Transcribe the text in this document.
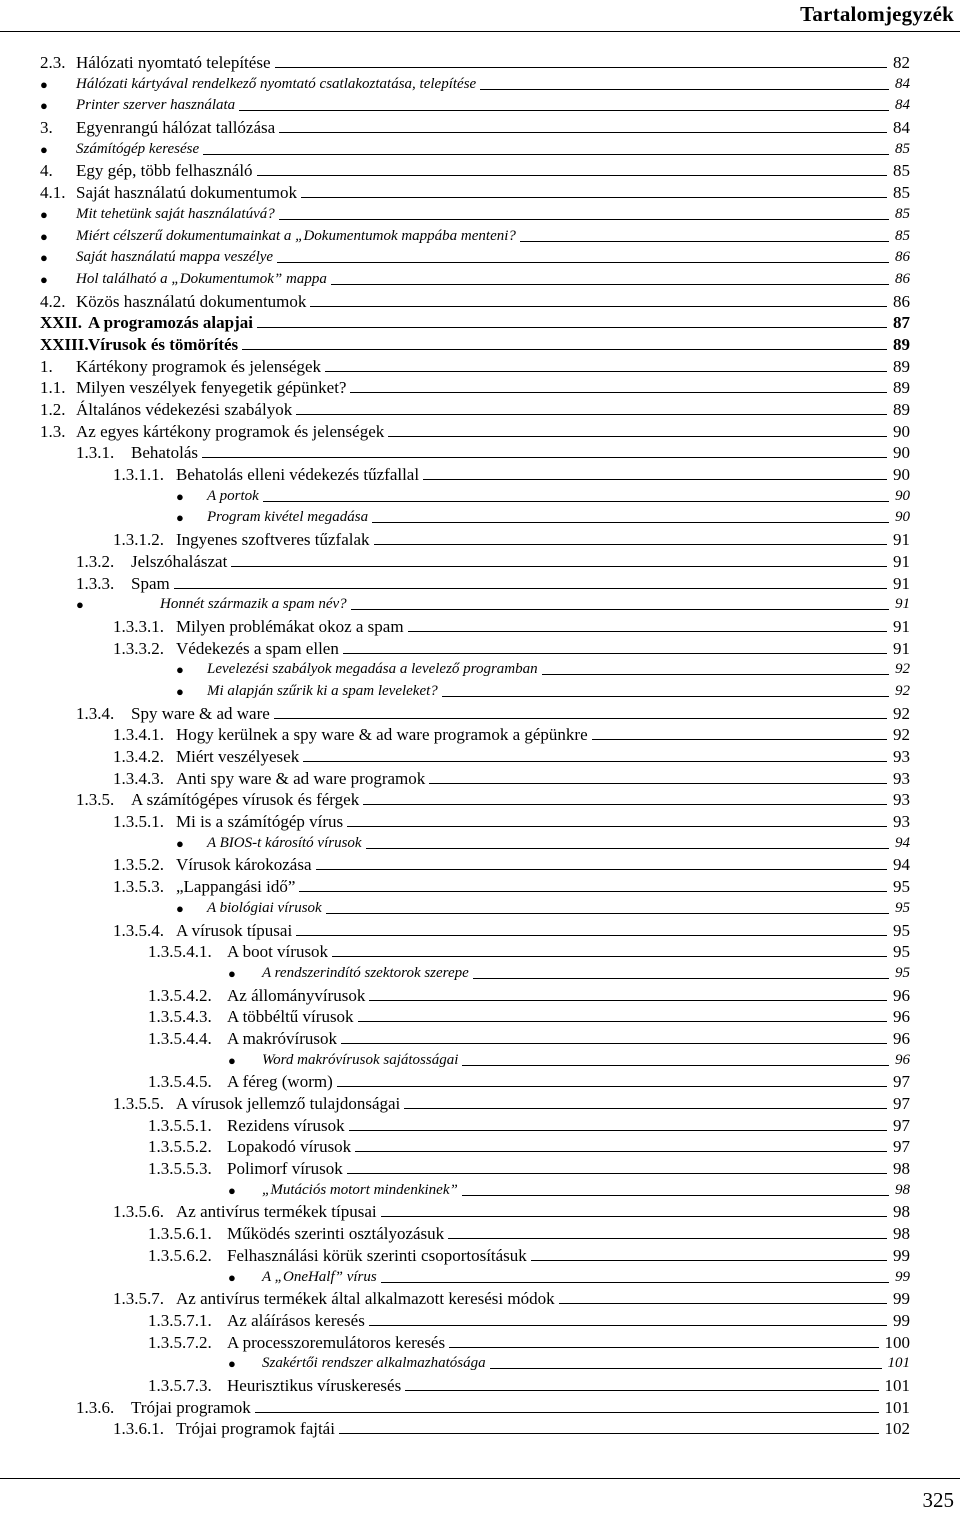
Tartalomjegyzék
2.3. Hálózati nyomtató telepítése	82
● Hálózati kártyával rendelkező nyomtató csatlakoztatása, telepítése	84
● Printer szerver használata	84
3. Egyenrangú hálózat tallózása	84
● Számítógép keresése	85
4. Egy gép, több felhasználó	85
4.1. Saját használatú dokumentumok	85
● Mit tehetünk saját használatúvá?	85
● Miért célszerű dokumentumainkat a „Dokumentumok mappába menteni?	85
● Saját használatú mappa veszélye	86
● Hol található a „Dokumentumok” mappa	86
4.2. Közös használatú dokumentumok	86
XXII. A programozás alapjai	87
XXIII. Vírusok és tömörítés	89
1. Kártékony programok és jelenségek	89
1.1. Milyen veszélyek fenyegetik gépünket?	89
1.2. Általános védekezési szabályok	89
1.3. Az egyes kártékony programok és jelenségek	90
1.3.1. Behatolás	90
1.3.1.1. Behatolás elleni védekezés tűzfallal	90
● A portok	90
● Program kivétel megadása	90
1.3.1.2. Ingyenes szoftveres tűzfalak	91
1.3.2. Jelszóhalászat	91
1.3.3. Spam	91
●	Honnét származik a spam név?	91
1.3.3.1. Milyen problémákat okoz a spam	91
1.3.3.2. Védekezés a spam ellen	91
● Levelezési szabályok megadása a levelező programban	92
● Mi alapján szűrik ki a spam leveleket?	92
1.3.4. Spy ware & ad ware	92
1.3.4.1. Hogy kerülnek a spy ware & ad ware programok a gépünkre	92
1.3.4.2. Miért veszélyesek	93
1.3.4.3. Anti spy ware & ad ware programok	93
1.3.5. A számítógépes vírusok és férgek	93
1.3.5.1. Mi is a számítógép vírus	93
● A BIOS-t károsító vírusok	94
1.3.5.2. Vírusok károkozása	94
1.3.5.3. „Lappangási idő”	95
● A biológiai vírusok	95
1.3.5.4. A vírusok típusai	95
1.3.5.4.1. A boot vírusok	95
● A rendszerindító szektorok szerepe	95
1.3.5.4.2. Az állományvírusok	96
1.3.5.4.3. A többéltű vírusok	96
1.3.5.4.4. A makróvírusok	96
● Word makróvírusok sajátosságai	96
1.3.5.4.5. A féreg (worm)	97
1.3.5.5. A vírusok jellemző tulajdonságai	97
1.3.5.5.1. Rezidens vírusok	97
1.3.5.5.2. Lopakodó vírusok	97
1.3.5.5.3. Polimorf vírusok	98
● „Mutációs motort mindenkinek”	98
1.3.5.6. Az antivírus termékek típusai	98
1.3.5.6.1. Működés szerinti osztályozásuk	98
1.3.5.6.2. Felhasználási körük szerinti csoportosításuk	99
● A „OneHalf” vírus	99
1.3.5.7. Az antivírus termékek által alkalmazott keresési módok	99
1.3.5.7.1. Az aláírásos keresés	99
1.3.5.7.2. A processzoremulátoros keresés	100
● Szakértői rendszer alkalmazhatósága	101
1.3.5.7.3. Heurisztikus víruskeresés	101
1.3.6. Trójai programok	101
1.3.6.1. Trójai programok fajtái	102
325
